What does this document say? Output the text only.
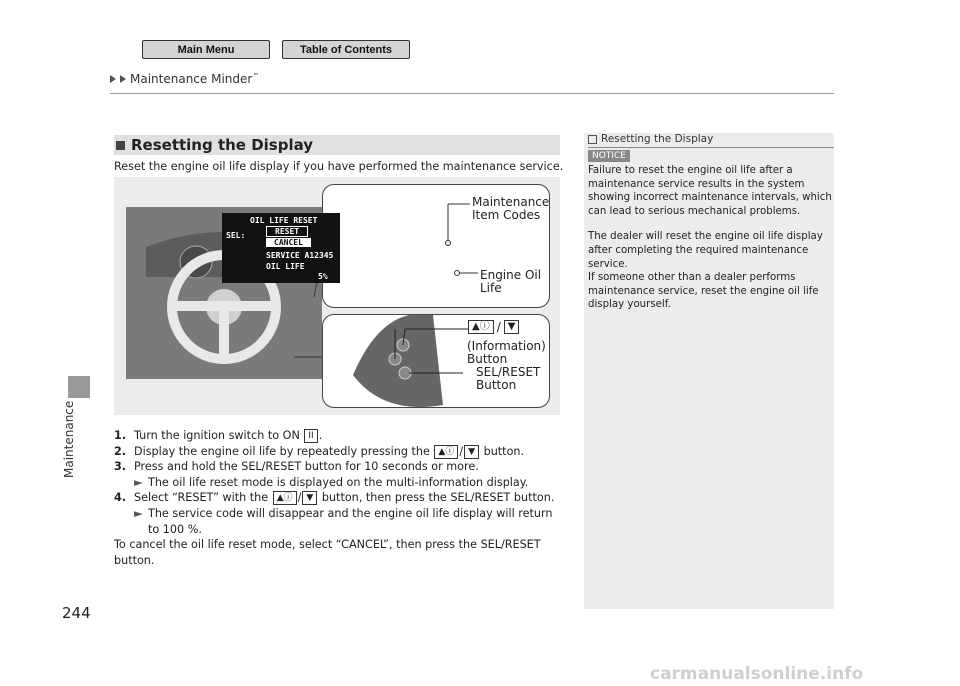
Main Menu	Table of Contents
Maintenance Minder™
Maintenance
244
Resetting the Display
Reset the engine oil life display if you have performed the maintenance service.
OIL LIFE RESET
RESET
CANCEL
SEL:
SERVICE A12345
OIL LIFE
5%
Maintenance
Item Codes
Engine Oil
Life
▲ⓘ / ▼
(Information)
Button
SEL/RESET
Button
1. Turn the ignition switch to ON II .
2. Display the engine oil life by repeatedly pressing the ▲ⓘ / ▼ button.
3. Press and hold the SEL/RESET button for 10 seconds or more.
► The oil life reset mode is displayed on the multi-information display.
4. Select “RESET” with the ▲ⓘ / ▼ button, then press the SEL/RESET button.
► The service code will disappear and the engine oil life display will return to 100 %.
To cancel the oil life reset mode, select “CANCEL”, then press the SEL/RESET button.
Resetting the Display
NOTICE
Failure to reset the engine oil life after a maintenance service results in the system showing incorrect maintenance intervals, which can lead to serious mechanical problems.
The dealer will reset the engine oil life display after completing the required maintenance service.
If someone other than a dealer performs maintenance service, reset the engine oil life display yourself.
carmanualsonline.info
